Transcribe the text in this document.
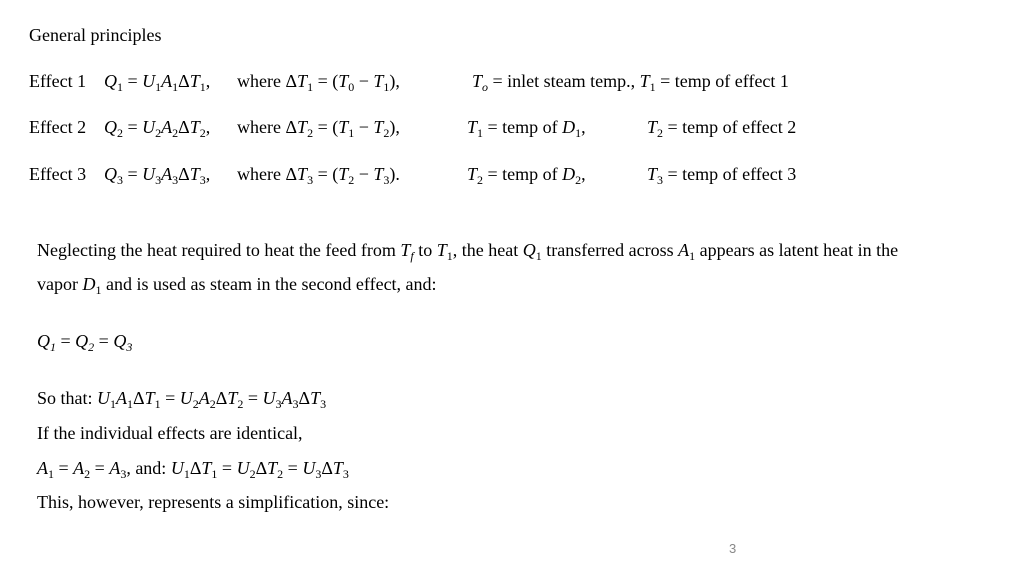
General principles
Effect 1 $Q_1 = U_1A_1\Delta T_1$, where $\Delta T_1 = (T_0 - T_1)$,	$T_o$ = inlet steam temp., $T_1$ = temp of effect 1
Effect 2 $Q_2 = U_2A_2\Delta T_2$, where $\Delta T_2 = (T_1 - T_2)$,	$T_1$ = temp of $D_1$,	$T_2$ = temp of effect 2
Effect 3 $Q_3 = U_3A_3\Delta T_3$, where $\Delta T_3 = (T_2 - T_3)$.	$T_2$ = temp of $D_2$,	$T_3$ = temp of effect 3
Neglecting the heat required to heat the feed from $T_f$ to $T_1$, the heat $Q_1$ transferred across $A_1$ appears as latent heat in the
vapor $D_1$ and is used as steam in the second effect, and:
$Q_1 = Q_2 = Q_3$
So that: $U_1A_1\Delta T_1 = U_2A_2\Delta T_2 = U_3A_3\Delta T_3$
If the individual effects are identical,
$A_1 = A_2 = A_3$, and: $U_1\Delta T_1 = U_2\Delta T_2 = U_3\Delta T_3$
This, however, represents a simplification, since:
3
